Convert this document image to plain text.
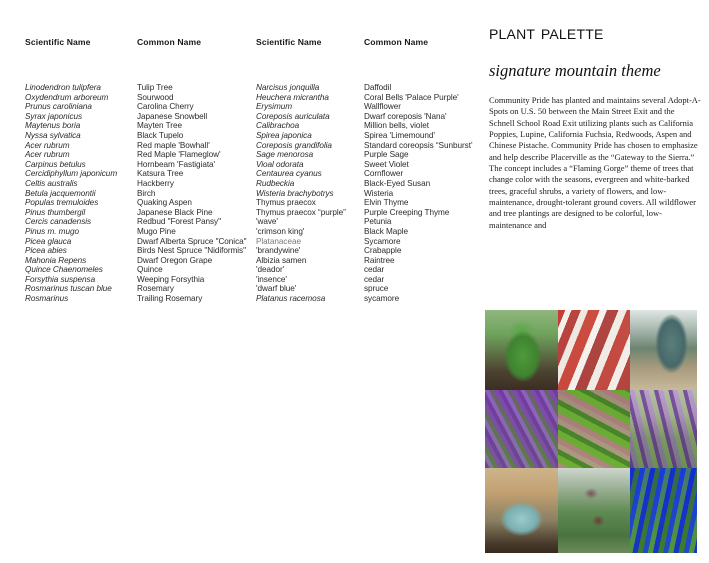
Scientific Name
Linodendron tulipfera
Oxydendrum arboreum
Prunus caroliniana
Syrax japonicus
Maytenus boria
Nyssa sylvatica
Acer rubrum
Acer rubrum
Carpinus betulus
Cercidiphyllum japonicum
Celtis australis
Betula jacquemontii
Populas tremuloides
Pinus thumbergil
Cercis canadensis
Pinus m. mugo
Picea glauca
Picea abies
Mahonia Repens
Quince Chaenomeles
Forsythia suspensa
Rosmarinus tuscan blue
Rosmarinus
Common Name
Tulip Tree
Sourwood
Carolina Cherry
Japanese Snowbell
Mayten Tree
Black Tupelo
Red maple 'Bowhall'
Red Maple 'Flameglow'
Hornbeam 'Fastigiata'
Katsura Tree
Hackberry
Birch
Quaking Aspen
Japanese Black Pine
Redbud "Forest Pansy"
Mugo Pine
Dwarf Alberta Spruce "Conica"
Birds Nest Spruce "Nidiformis"
Dwarf Oregon Grape
Quince
Weeping Forsythia
Rosemary
Trailing Rosemary
Scientific Name
Narcisus jonquilla
Heuchera micrantha
Erysimum
Coreposis auriculata
Calibrachoa
Spirea japonica
Coreposis grandifolia
Sage menorosa
Vioal odorata
Centaurea cyanus
Rudbeckia
Wisteria brachybotrys
Thymus praecox
Thymus praecox “purple”
'wave'
'crimson king'
Platanaceae
'brandywine'
Albizia samen
'deador'
'insence'
'dwarf blue'
Platanus racemosa
Common Name
Daffodil
Coral Bells 'Palace Purple'
Wallflower
Dwarf coreposis 'Nana'
Million bells, violet
Spirea 'Limemound'
Standard coreopsis “Sunburst’
Purple Sage
Sweet Violet
Cornflower
Black-Eyed Susan
Wisteria
Elvin Thyme
Purple Creeping Thyme
Petunia
Black Maple
Sycamore
Crabapple
Raintree
cedar
cedar
spruce
sycamore
plant palette
signature mountain theme
Community Pride has planted and maintains several Adopt-A-Spots on U.S. 50 between the Main Street Exit and the Schnell School Road Exit utilizing plants such as California Poppies, Lupine, California Fuchsia, Redwoods, Aspen and Chinese Pistache. Community Pride has chosen to emphasize and help describe Placerville as the “Gateway to the Sierra.” The concept includes a “Flaming Gorge” theme of trees that change color with the seasons, evergreen and white-barked trees, graceful shrubs, a variety of flowers, and low-maintenance, drought-tolerant ground covers. All wildflower and tree plantings are designed to be colorful, low-maintenance and
